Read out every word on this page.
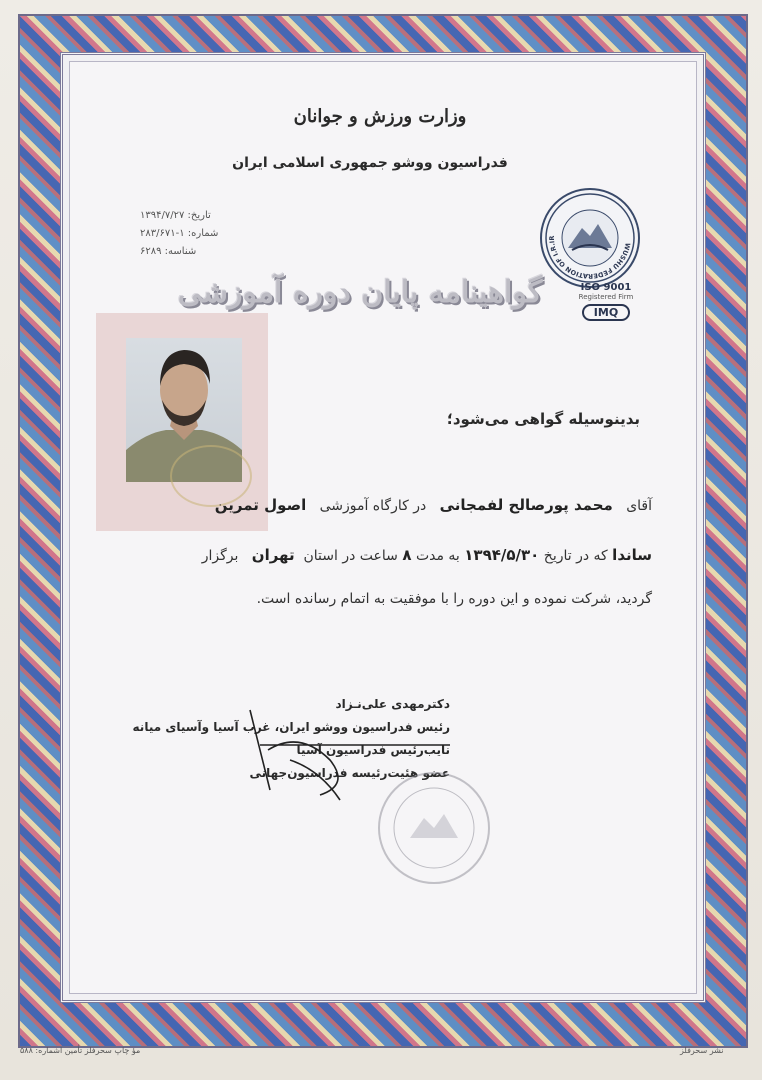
وزارت ورزش و جوانان
فدراسیون ووشو جمهوری اسلامی ایران
تاریخ: ۱۳۹۴/۷/۲۷
شماره: ۱-۲۸۳/۶۷۱
شناسه: ۶۲۸۹	WUSHU FEDERATION OF I.R.IR
ISO 9001
Registered Firm
IMQ
گواهینامه پایان دوره آموزشی
بدینوسیله گواهی می‌شود؛
آقای   محمد پورصالح لفمجانی   در کارگاه آموزشی   اصول تمرین
ساندا که در تاریخ ۱۳۹۴/۵/۳۰ به مدت ۸ ساعت در استان  تهران   برگزار
گردید، شرکت نموده و این دوره را با موفقیت به اتمام رسانده است.
دکترمهدی علی‌نـزاد
رئیس فدراسیون ووشو ایران، غرب آسیا وآسیای میانه
نایب‌رئیس فدراسیون آسیا
عضو هئیت‌رئیسه فدراسیون‌جهانی
مؤ چاپ سحرفلز تأمین اشماره: ۵۸۸	نشر سحرفلز
